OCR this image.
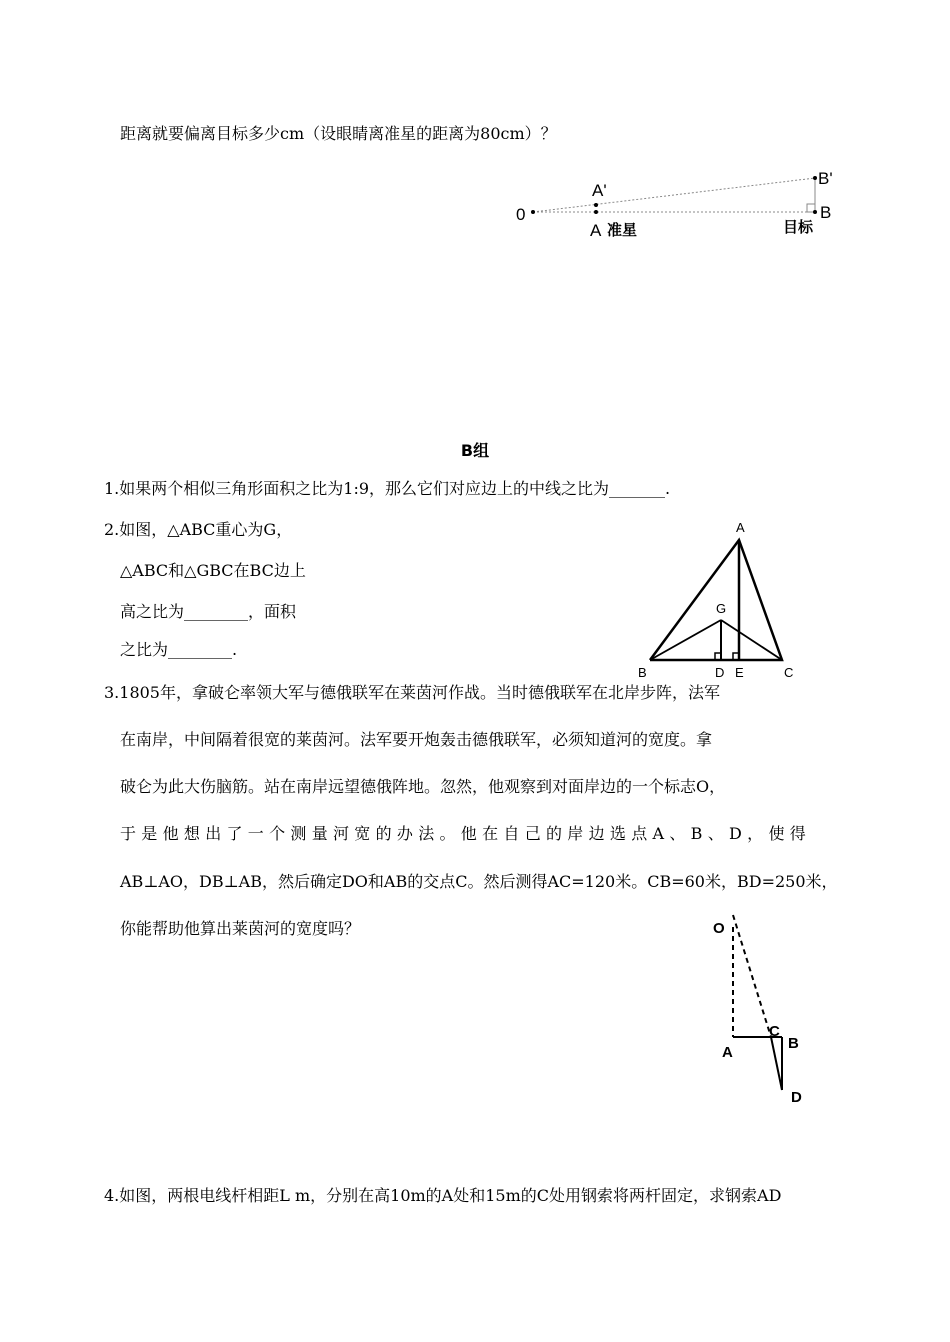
距离就要偏离目标多少cm（设眼睛离准星的距离为80cm）？
0
A'
A 准星
B'
B
目标
B组
1.如果两个相似三角形面积之比为1:9，那么它们对应边上的中线之比为_______.
2.如图，△ABC重心为G，
△ABC和△GBC在BC边上
高之比为________，面积
之比为________.
A
G
B	D E	C
3.1805年，拿破仑率领大军与德俄联军在莱茵河作战。当时德俄联军在北岸步阵，法军
在南岸，中间隔着很宽的莱茵河。法军要开炮轰击德俄联军，必须知道河的宽度。拿
破仑为此大伤脑筋。站在南岸远望德俄阵地。忽然，他观察到对面岸边的一个标志O，
于是他想出了一个测量河宽的办法。他在自己的岸边选点A、B、D，使得
AB⊥AO，DB⊥AB，然后确定DO和AB的交点C。然后测得AC=120米。CB=60米，BD=250米，
你能帮助他算出莱茵河的宽度吗？	O
A
C
B
D
4.如图，两根电线杆相距L m，分别在高10m的A处和15m的C处用钢索将两杆固定，求钢索AD
